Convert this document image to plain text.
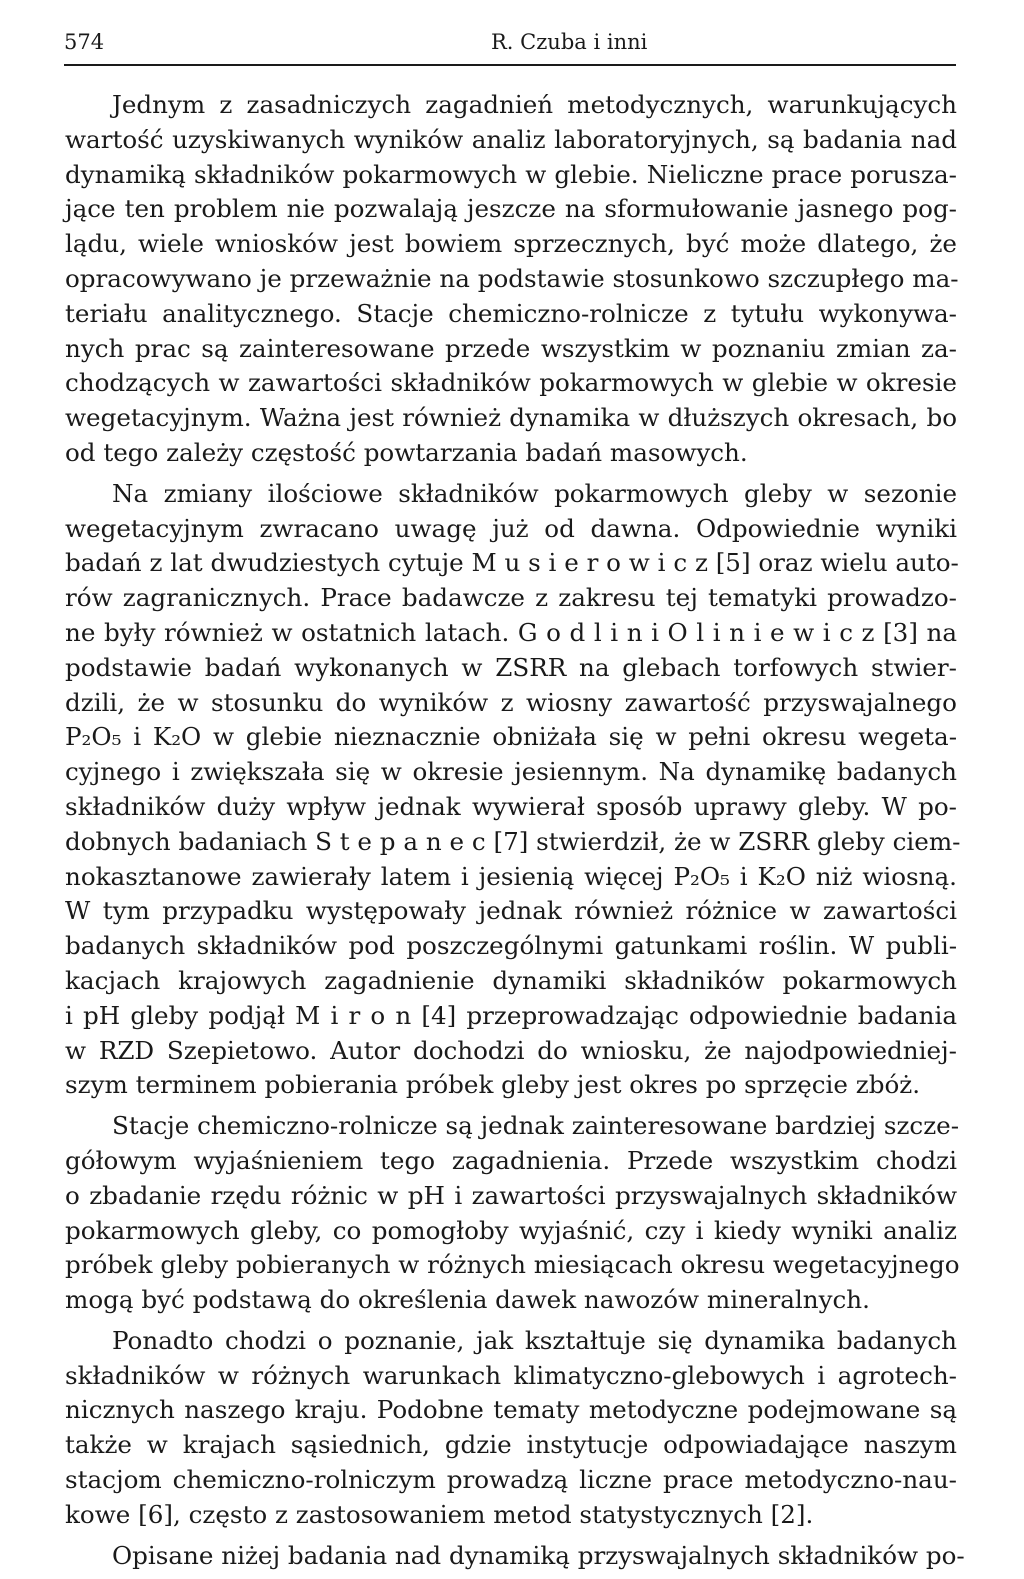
574	R. Czuba i inni
Jednym z zasadniczych zagadnień metodycznych, warunkujących
wartość uzyskiwanych wyników analiz laboratoryjnych, są badania nad
dynamiką składników pokarmowych w glebie. Nieliczne prace porusza-
jące ten problem nie pozwalają jeszcze na sformułowanie jasnego pog-
lądu, wiele wniosków jest bowiem sprzecznych, być może dlatego, że
opracowywano je przeważnie na podstawie stosunkowo szczupłego ma-
teriału analitycznego. Stacje chemiczno-rolnicze z tytułu wykonywa-
nych prac są zainteresowane przede wszystkim w poznaniu zmian za-
chodzących w zawartości składników pokarmowych w glebie w okresie
wegetacyjnym. Ważna jest również dynamika w dłuższych okresach, bo
od tego zależy częstość powtarzania badań masowych.
Na zmiany ilościowe składników pokarmowych gleby w sezonie
wegetacyjnym zwracano uwagę już od dawna. Odpowiednie wyniki
badań z lat dwudziestych cytuje M u s i e r o w i c z [5] oraz wielu auto-
rów zagranicznych. Prace badawcze z zakresu tej tematyki prowadzo-
ne były również w ostatnich latach. G o d l i n i O l i n i e w i c z [3] na
podstawie badań wykonanych w ZSRR na glebach torfowych stwier-
dzili, że w stosunku do wyników z wiosny zawartość przyswajalnego
P₂O₅ i K₂O w glebie nieznacznie obniżała się w pełni okresu wegeta-
cyjnego i zwiększała się w okresie jesiennym. Na dynamikę badanych
składników duży wpływ jednak wywierał sposób uprawy gleby. W po-
dobnych badaniach S t e p a n e c [7] stwierdził, że w ZSRR gleby ciem-
nokasztanowe zawierały latem i jesienią więcej P₂O₅ i K₂O niż wiosną.
W tym przypadku występowały jednak również różnice w zawartości
badanych składników pod poszczególnymi gatunkami roślin. W publi-
kacjach krajowych zagadnienie dynamiki składników pokarmowych
i pH gleby podjął M i r o n [4] przeprowadzając odpowiednie badania
w RZD Szepietowo. Autor dochodzi do wniosku, że najodpowiedniej-
szym terminem pobierania próbek gleby jest okres po sprzęcie zbóż.
Stacje chemiczno-rolnicze są jednak zainteresowane bardziej szcze-
gółowym wyjaśnieniem tego zagadnienia. Przede wszystkim chodzi
o zbadanie rzędu różnic w pH i zawartości przyswajalnych składników
pokarmowych gleby, co pomogłoby wyjaśnić, czy i kiedy wyniki analiz
próbek gleby pobieranych w różnych miesiącach okresu wegetacyjnego
mogą być podstawą do określenia dawek nawozów mineralnych.
Ponadto chodzi o poznanie, jak kształtuje się dynamika badanych
składników w różnych warunkach klimatyczno-glebowych i agrotech-
nicznych naszego kraju. Podobne tematy metodyczne podejmowane są
także w krajach sąsiednich, gdzie instytucje odpowiadające naszym
stacjom chemiczno-rolniczym prowadzą liczne prace metodyczno-nau-
kowe [6], często z zastosowaniem metod statystycznych [2].
Opisane niżej badania nad dynamiką przyswajalnych składników po-
